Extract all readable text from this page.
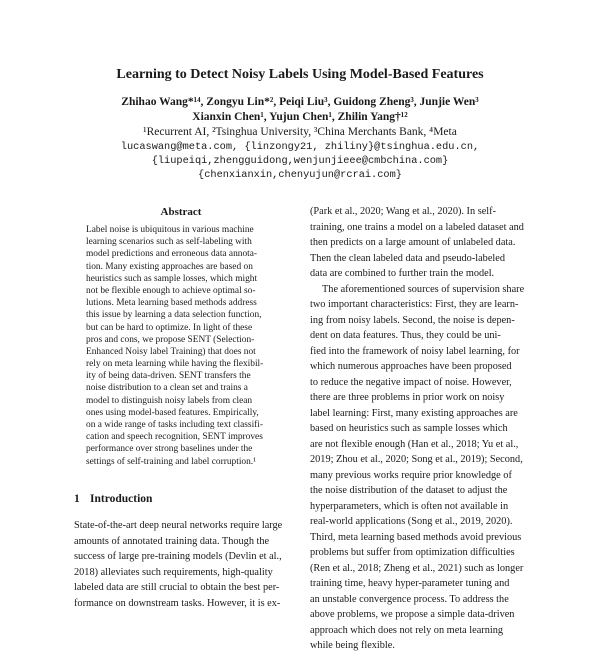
Learning to Detect Noisy Labels Using Model-Based Features
Zhihao Wang*¹⁴, Zongyu Lin*², Peiqi Liu³, Guidong Zheng³, Junjie Wen³
Xianxin Chen¹, Yujun Chen¹, Zhilin Yang†¹²
¹Recurrent AI, ²Tsinghua University, ³China Merchants Bank, ⁴Meta
lucaswang@meta.com, {linzongy21, zhiliny}@tsinghua.edu.cn,
{liupeiqi,zhengguidong,wenjunjieee@cmbchina.com}
{chenxianxin,chenyujun@rcrai.com}
Abstract
Label noise is ubiquitous in various machine
learning scenarios such as self-labeling with
model predictions and erroneous data annota-
tion. Many existing approaches are based on
heuristics such as sample losses, which might
not be flexible enough to achieve optimal so-
lutions. Meta learning based methods address
this issue by learning a data selection function,
but can be hard to optimize. In light of these
pros and cons, we propose SENT (Selection-
Enhanced Noisy label Training) that does not
rely on meta learning while having the flexibil-
ity of being data-driven. SENT transfers the
noise distribution to a clean set and trains a
model to distinguish noisy labels from clean
ones using model-based features. Empirically,
on a wide range of tasks including text classifi-
cation and speech recognition, SENT improves
performance over strong baselines under the
settings of self-training and label corruption.¹
1 Introduction
State-of-the-art deep neural networks require large
amounts of annotated training data. Though the
success of large pre-training models (Devlin et al.,
2018) alleviates such requirements, high-quality
labeled data are still crucial to obtain the best per-
formance on downstream tasks. However, it is ex-
(Park et al., 2020; Wang et al., 2020). In self-
training, one trains a model on a labeled dataset and
then predicts on a large amount of unlabeled data.
Then the clean labeled data and pseudo-labeled
data are combined to further train the model.
The aforementioned sources of supervision share
two important characteristics: First, they are learn-
ing from noisy labels. Second, the noise is depen-
dent on data features. Thus, they could be uni-
fied into the framework of noisy label learning, for
which numerous approaches have been proposed
to reduce the negative impact of noise. However,
there are three problems in prior work on noisy
label learning: First, many existing approaches are
based on heuristics such as sample losses which
are not flexible enough (Han et al., 2018; Yu et al.,
2019; Zhou et al., 2020; Song et al., 2019); Second,
many previous works require prior knowledge of
the noise distribution of the dataset to adjust the
hyperparameters, which is often not available in
real-world applications (Song et al., 2019, 2020).
Third, meta learning based methods avoid previous
problems but suffer from optimization difficulties
(Ren et al., 2018; Zheng et al., 2021) such as longer
training time, heavy hyper-parameter tuning and
an unstable convergence process. To address the
above problems, we propose a simple data-driven
approach which does not rely on meta learning
while being flexible.
